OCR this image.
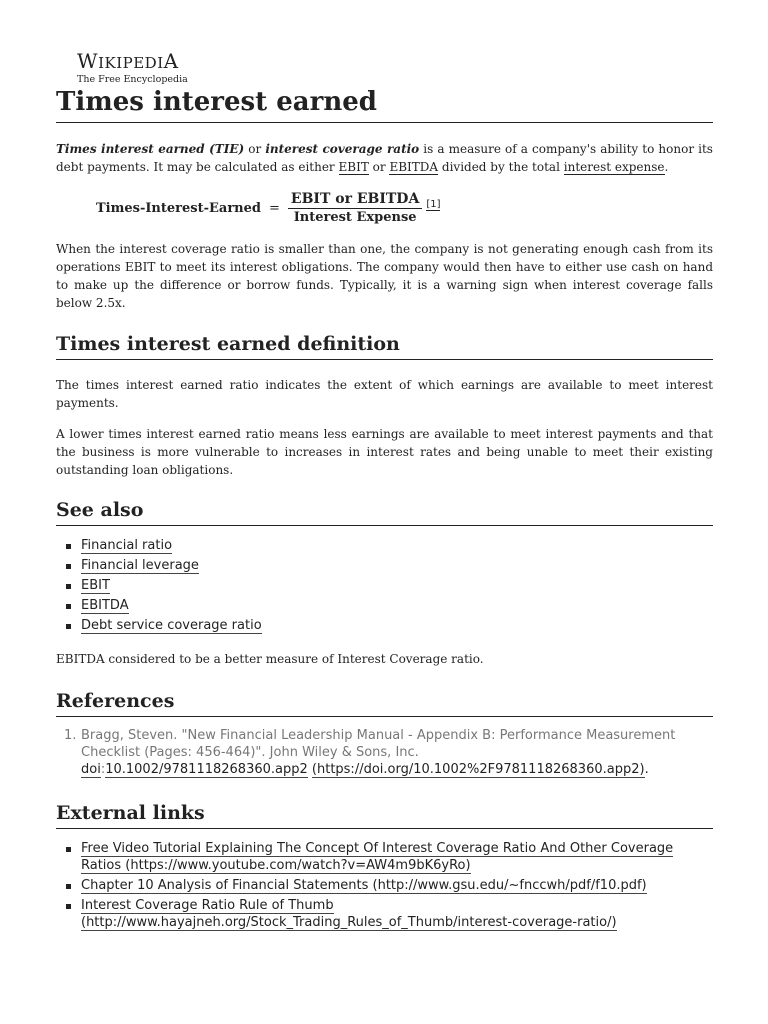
WIKIPEDIA
The Free Encyclopedia
Times interest earned

Times interest earned (TIE) or interest coverage ratio is a measure of a company's ability to honor its debt payments. It may be calculated as either EBIT or EBITDA divided by the total interest expense.

Times-Interest-Earned = $\frac{\text{EBIT or EBITDA}}{\text{Interest Expense}} [1]$

When the interest coverage ratio is smaller than one, the company is not generating enough cash from its operations EBIT to meet its interest obligations. The company would then have to either use cash on hand to make up the difference or borrow funds. Typically, it is a warning sign when interest coverage falls below 2.5x.

Times interest earned definition

The times interest earned ratio indicates the extent of which earnings are available to meet interest payments.

A lower times interest earned ratio means less earnings are available to meet interest payments and that the business is more vulnerable to increases in interest rates and being unable to meet their existing outstanding loan obligations.

See also
Financial ratio
Financial leverage
EBIT
EBITDA
Debt service coverage ratio

EBITDA considered to be a better measure of Interest Coverage ratio.

References
1. Bragg, Steven. "New Financial Leadership Manual - Appendix B: Performance Measurement Checklist (Pages: 456-464)". John Wiley & Sons, Inc.
doi:10.1002/9781118268360.app2 (https://doi.org/10.1002%2F9781118268360.app2).
External links
Free Video Tutorial Explaining The Concept Of Interest Coverage Ratio And Other Coverage Ratios (https://www.youtube.com/watch?v=AW4m9bK6yRo)
Chapter 10 Analysis of Financial Statements (http://www.gsu.edu/~fnccwh/pdf/f10.pdf)
Interest Coverage Ratio Rule of Thumb (http://www.hayajneh.org/Stock_Trading_Rules_of_Thumb/interest-coverage-ratio/)
